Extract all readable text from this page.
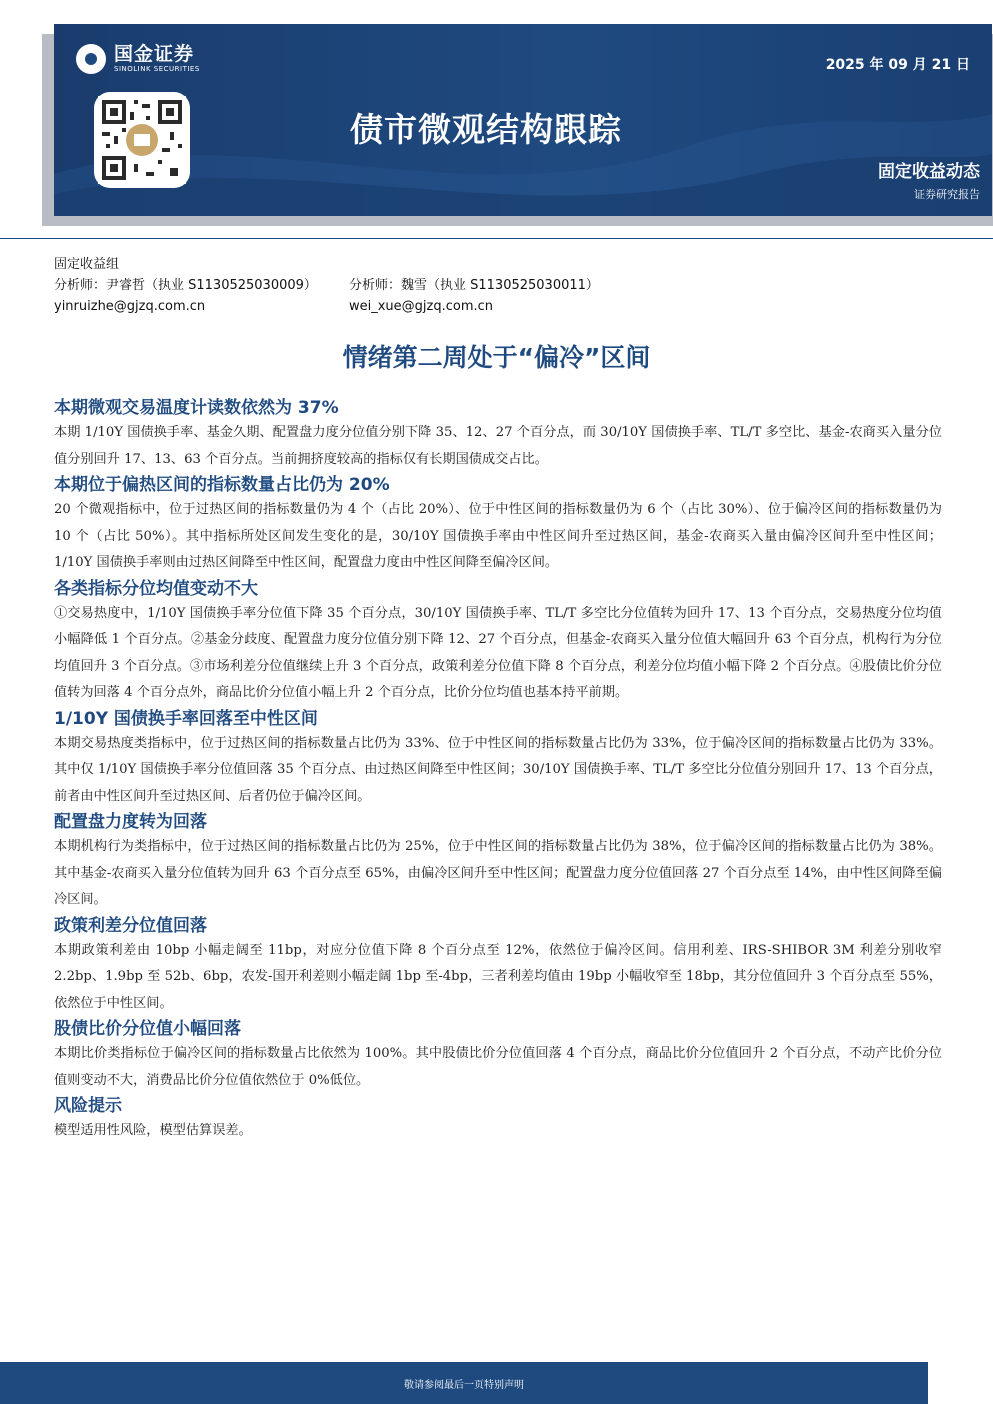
国金证券
SINOLINK SECURITIES	2025 年 09 月 21 日
债市微观结构跟踪
固定收益动态
证券研究报告
固定收益组
分析师：尹睿哲（执业 S1130525030009）	分析师：魏雪（执业 S1130525030011）
yinruizhe@gjzq.com.cn	wei_xue@gjzq.com.cn
情绪第二周处于“偏冷”区间
本期微观交易温度计读数依然为 37%

本期 1/10Y 国债换手率、基金久期、配置盘力度分位值分别下降 35、12、27 个百分点，而 30/10Y 国债换手率、TL/T 多空比、基金-农商买入量分位值分别回升 17、13、63 个百分点。当前拥挤度较高的指标仅有长期国债成交占比。

本期位于偏热区间的指标数量占比仍为 20%

20 个微观指标中，位于过热区间的指标数量仍为 4 个（占比 20%）、位于中性区间的指标数量仍为 6 个（占比 30%）、位于偏冷区间的指标数量仍为 10 个（占比 50%）。其中指标所处区间发生变化的是，30/10Y 国债换手率由中性区间升至过热区间，基金-农商买入量由偏冷区间升至中性区间；1/10Y 国债换手率则由过热区间降至中性区间，配置盘力度由中性区间降至偏冷区间。

各类指标分位均值变动不大

①交易热度中，1/10Y 国债换手率分位值下降 35 个百分点，30/10Y 国债换手率、TL/T 多空比分位值转为回升 17、13 个百分点，交易热度分位均值小幅降低 1 个百分点。②基金分歧度、配置盘力度分位值分别下降 12、27 个百分点，但基金-农商买入量分位值大幅回升 63 个百分点，机构行为分位均值回升 3 个百分点。③市场利差分位值继续上升 3 个百分点，政策利差分位值下降 8 个百分点，利差分位均值小幅下降 2 个百分点。④股债比价分位值转为回落 4 个百分点外，商品比价分位值小幅上升 2 个百分点，比价分位均值也基本持平前期。

1/10Y 国债换手率回落至中性区间

本期交易热度类指标中，位于过热区间的指标数量占比仍为 33%、位于中性区间的指标数量占比仍为 33%，位于偏冷区间的指标数量占比仍为 33%。其中仅 1/10Y 国债换手率分位值回落 35 个百分点、由过热区间降至中性区间；30/10Y 国债换手率、TL/T 多空比分位值分别回升 17、13 个百分点，前者由中性区间升至过热区间、后者仍位于偏冷区间。

配置盘力度转为回落

本期机构行为类指标中，位于过热区间的指标数量占比仍为 25%，位于中性区间的指标数量占比仍为 38%，位于偏冷区间的指标数量占比仍为 38%。其中基金-农商买入量分位值转为回升 63 个百分点至 65%，由偏冷区间升至中性区间；配置盘力度分位值回落 27 个百分点至 14%，由中性区间降至偏冷区间。

政策利差分位值回落

本期政策利差由 10bp 小幅走阔至 11bp，对应分位值下降 8 个百分点至 12%，依然位于偏冷区间。信用利差、IRS-SHIBOR 3M 利差分别收窄 2.2bp、1.9bp 至 52b、6bp，农发-国开利差则小幅走阔 1bp 至-4bp，三者利差均值由 19bp 小幅收窄至 18bp，其分位值回升 3 个百分点至 55%，依然位于中性区间。

股债比价分位值小幅回落

本期比价类指标位于偏冷区间的指标数量占比依然为 100%。其中股债比价分位值回落 4 个百分点，商品比价分位值回升 2 个百分点，不动产比价分位值则变动不大，消费品比价分位值依然位于 0%低位。

风险提示

模型适用性风险，模型估算误差。

敬请参阅最后一页特别声明
